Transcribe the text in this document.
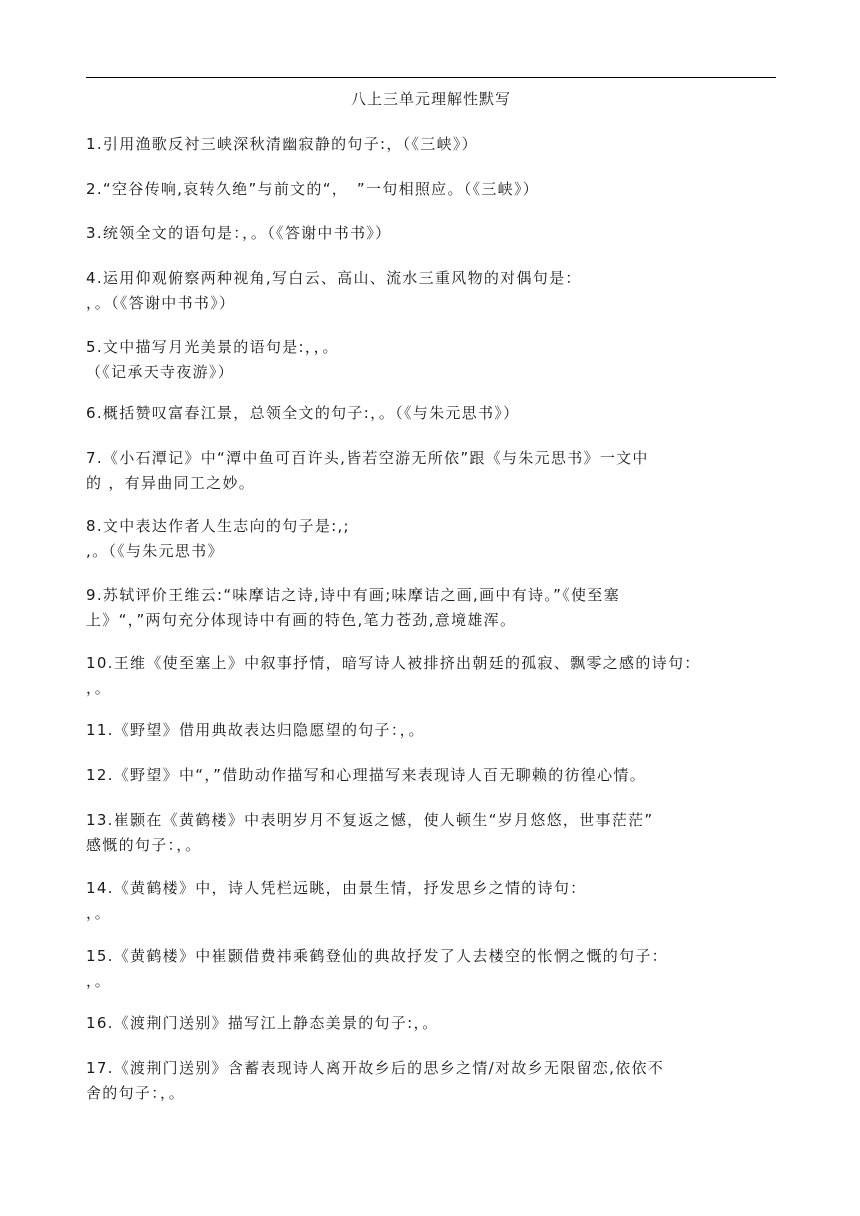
八上三单元理解性默写
1.引用渔歌反衬三峡深秋清幽寂静的句子:，（《三峡》）
2.“空谷传响,哀转久绝”与前文的“，　”一句相照应。（《三峡》）
3.统领全文的语句是：，。（《答谢中书书》）
4.运用仰观俯察两种视角,写白云、高山、流水三重风物的对偶句是：
，。（《答谢中书书》）
5.文中描写月光美景的语句是:，，。
（《记承天寺夜游》）
6.概括赞叹富春江景，总领全文的句子:，。（《与朱元思书》）
7.《小石潭记》中“潭中鱼可百许头,皆若空游无所依”跟《与朱元思书》一文中
的 ，有异曲同工之妙。
8.文中表达作者人生志向的句子是:,;
,。（《与朱元思书》
9.苏轼评价王维云:“味摩诘之诗,诗中有画;味摩诘之画,画中有诗。”《使至塞
上》“，”两句充分体现诗中有画的特色,笔力苍劲,意境雄浑。
10.王维《使至塞上》中叙事抒情，暗写诗人被排挤出朝廷的孤寂、飘零之感的诗句：
，。
11.《野望》借用典故表达归隐愿望的句子：，。
12.《野望》中“，”借助动作描写和心理描写来表现诗人百无聊赖的彷徨心情。
13.崔颢在《黄鹤楼》中表明岁月不复返之憾，使人顿生“岁月悠悠，世事茫茫”
感慨的句子：，。
14.《黄鹤楼》中，诗人凭栏远眺，由景生情，抒发思乡之情的诗句：
，。
15.《黄鹤楼》中崔颢借费祎乘鹤登仙的典故抒发了人去楼空的怅惘之慨的句子：
，。
16.《渡荆门送别》描写江上静态美景的句子:，。
17.《渡荆门送别》含蓄表现诗人离开故乡后的思乡之情/对故乡无限留恋,依依不
舍的句子：，。
